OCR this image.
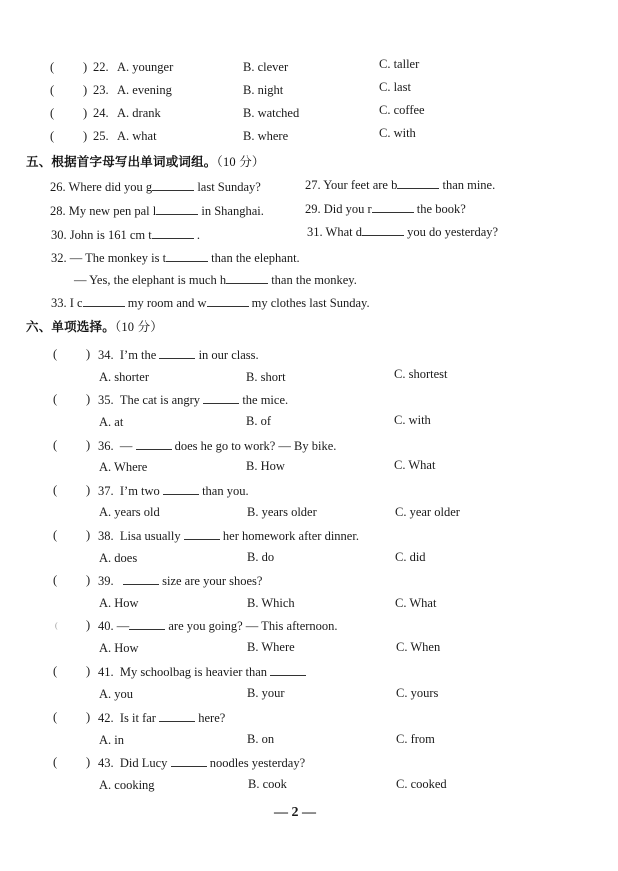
( ) 22. A. younger	B. clever	C. taller
( ) 23. A. evening	B. night	C. last
( ) 24. A. drank	B. watched	C. coffee
( ) 25. A. what	B. where	C. with
五、根据首字母写出单词或词组。（10 分）
26. Where did you g	last Sunday?	27. Your feet are b	than mine.
28. My new pen pal l	in Shanghai.	29. Did you r	the book?
30. John is 161 cm t	.	31. What d	you do yesterday?
32. — The monkey is t	than the elephant.
— Yes, the elephant is much h	than the monkey.
33. I c	my room and w	my clothes last Sunday.
六、单项选择。（10 分）
( ) 34. I’m the	in our class.
A. shorter	B. short	C. shortest
( ) 35. The cat is angry	the mice.
A. at	B. of	C. with
( ) 36. —	does he go to work? — By bike.
A. Where	B. How	C. What
( ) 37. I’m two	than you.
A. years old	B. years older	C. year older
( ) 38. Lisa usually	her homework after dinner.
A. does	B. do	C. did
( ) 39.	size are your shoes?
A. How	B. Which	C. What
( ) 40. —	are you going? — This afternoon.
A. How	B. Where	C. When
( ) 41. My schoolbag is heavier than
A. you	B. your	C. yours
( ) 42. Is it far	here?
A. in	B. on	C. from
( ) 43. Did Lucy	noodles yesterday?
A. cooking	B. cook	C. cooked
— 2 —
